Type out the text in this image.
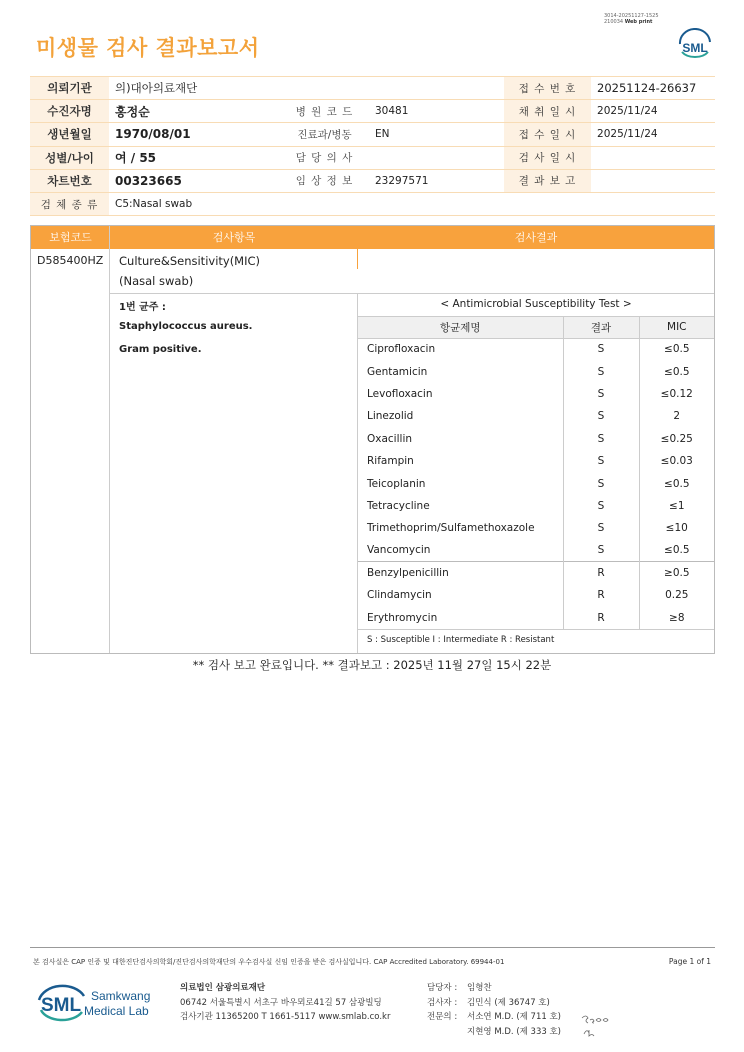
미생물 검사 결과보고서
3014-20251127-1525
210034 Web print
SML
의뢰기관	의)대아의료재단			접 수 번 호	20251124-26637
수진자명	홍정순	병 원 코 드	30481	채 취 일 시	2025/11/24
생년월일	1970/08/01	진료과/병동	EN	접 수 일 시	2025/11/24
성별/나이	여 / 55	담 당 의 사		검 사 일 시	
차트번호	00323665	임 상 정 보	23297571	결 과 보 고	
검 체 종 류	C5:Nasal swab				
보험코드	검사항목	검사결과
D585400HZ Culture&Sensitivity(MIC)
(Nasal swab)
1번 균주 :
Staphylococcus aureus.
Gram positive.
< Antimicrobial Susceptibility Test >		
항균제명	결과	MIC
Ciprofloxacin	S	≤0.5
Gentamicin	S	≤0.5
Levofloxacin	S	≤0.12
Linezolid	S	2
Oxacillin	S	≤0.25
Rifampin	S	≤0.03
Teicoplanin	S	≤0.5
Tetracycline	S	≤1
Trimethoprim/Sulfamethoxazole	S	≤10
Vancomycin	S	≤0.5
Benzylpenicillin	R	≥0.5
Clindamycin	R	0.25
Erythromycin	R	≥8
S : Susceptible I : Intermediate R : Resistant		
** 검사 보고 완료입니다. ** 결과보고 : 2025년 11월 27일 15시 22분
본 검사실은 CAP 인증 및 대한진단검사의학회/진단검사의학재단의 우수검사실 신임 인증을 받은 검사실입니다. CAP Accredited Laboratory. 69944-01	Page 1 of 1
SML Samkwang
Medical Lab
의료법인 삼광의료재단
06742 서울특별시 서초구 바우뫼로41길 57 삼광빌딩
검사기관 11365200 T 1661-5117 www.smlab.co.kr
담당자 :	임형찬
검사자 :	김민식 (제 36747 호)
전문의 :	서소연 M.D. (제 711 호)
지현영 M.D. (제 333 호)
